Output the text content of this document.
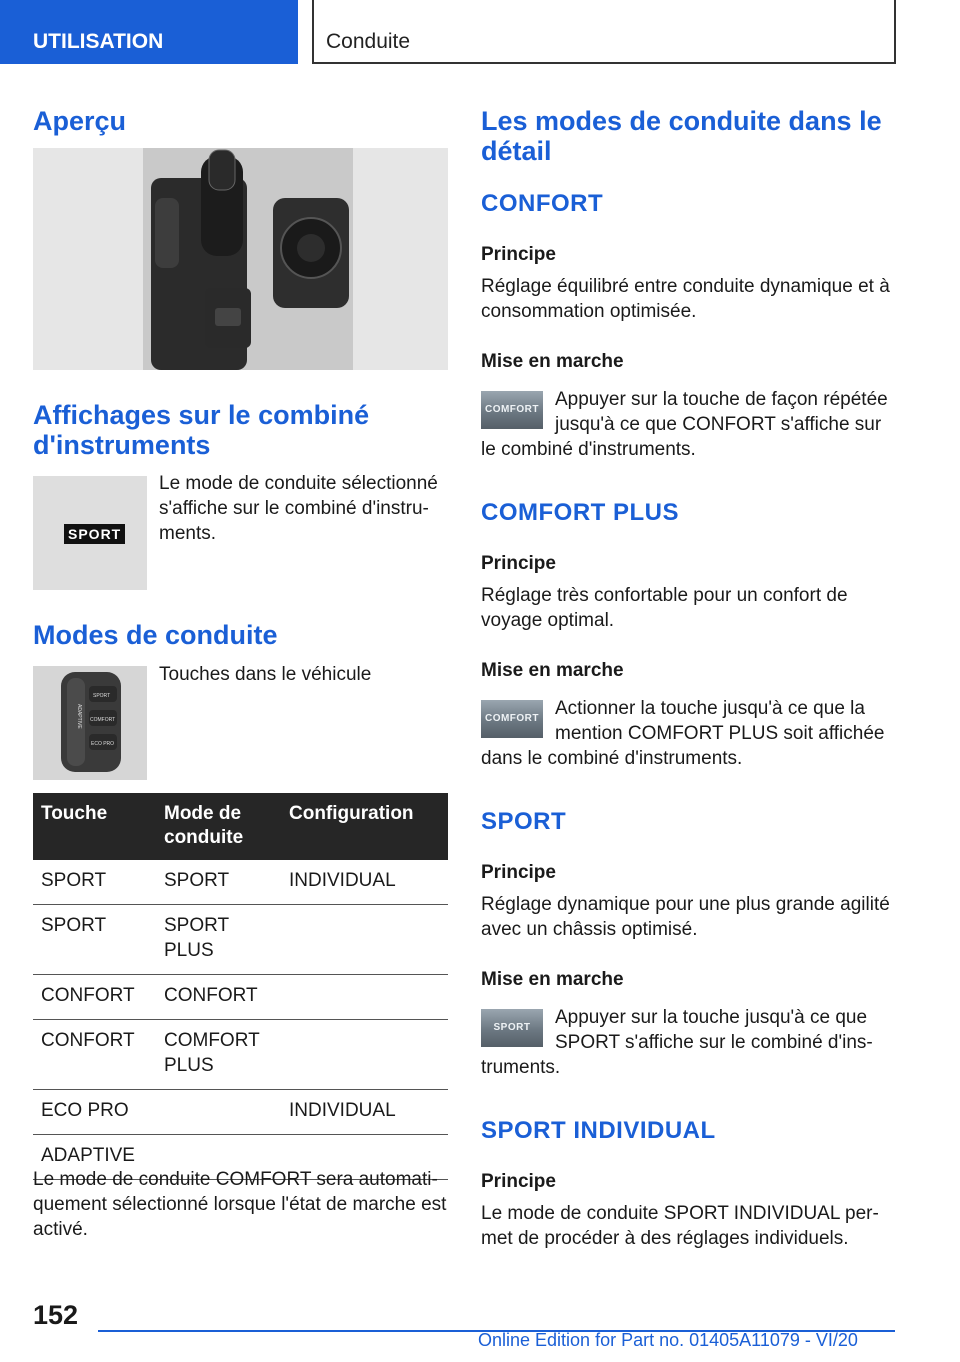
UTILISATION	Conduite
Aperçu
Affichages sur le combiné d'instruments
SPORT

Le mode de conduite sélectionné s'affiche sur le combiné d'instru-ments.

Modes de conduite
SPORT
COMFORT
ECO PRO
ADAPTIVE

Touches dans le véhicule

Touche	Mode de conduite	Configuration
SPORT	SPORT	INDIVIDUAL
SPORT	SPORT PLUS	
CONFORT	CONFORT	
CONFORT	COMFORT PLUS	
ECO PRO		INDIVIDUAL
ADAPTIVE		

Le mode de conduite COMFORT sera automati-quement sélectionné lorsque l'état de marche est activé.

Les modes de conduite dans le détail
CONFORT
Principe

Réglage équilibré entre conduite dynamique et à consommation optimisée.

Mise en marche
COMFORT Appuyer sur la touche de façon répétée

jusqu'à ce que CONFORT s'affiche sur

le combiné d'instruments.

COMFORT PLUS
Principe

Réglage très confortable pour un confort de voyage optimal.

Mise en marche
COMFORT Actionner la touche jusqu'à ce que la

mention COMFORT PLUS soit affichée

dans le combiné d'instruments.

SPORT
Principe

Réglage dynamique pour une plus grande agilité avec un châssis optimisé.

Mise en marche
SPORT	Appuyer sur la touche jusqu'à ce que

SPORT s'affiche sur le combiné d'ins-

truments.

SPORT INDIVIDUAL
Principe

Le mode de conduite SPORT INDIVIDUAL per-met de procéder à des réglages individuels.

152
Online Edition for Part no. 01405A11079 - VI/20
